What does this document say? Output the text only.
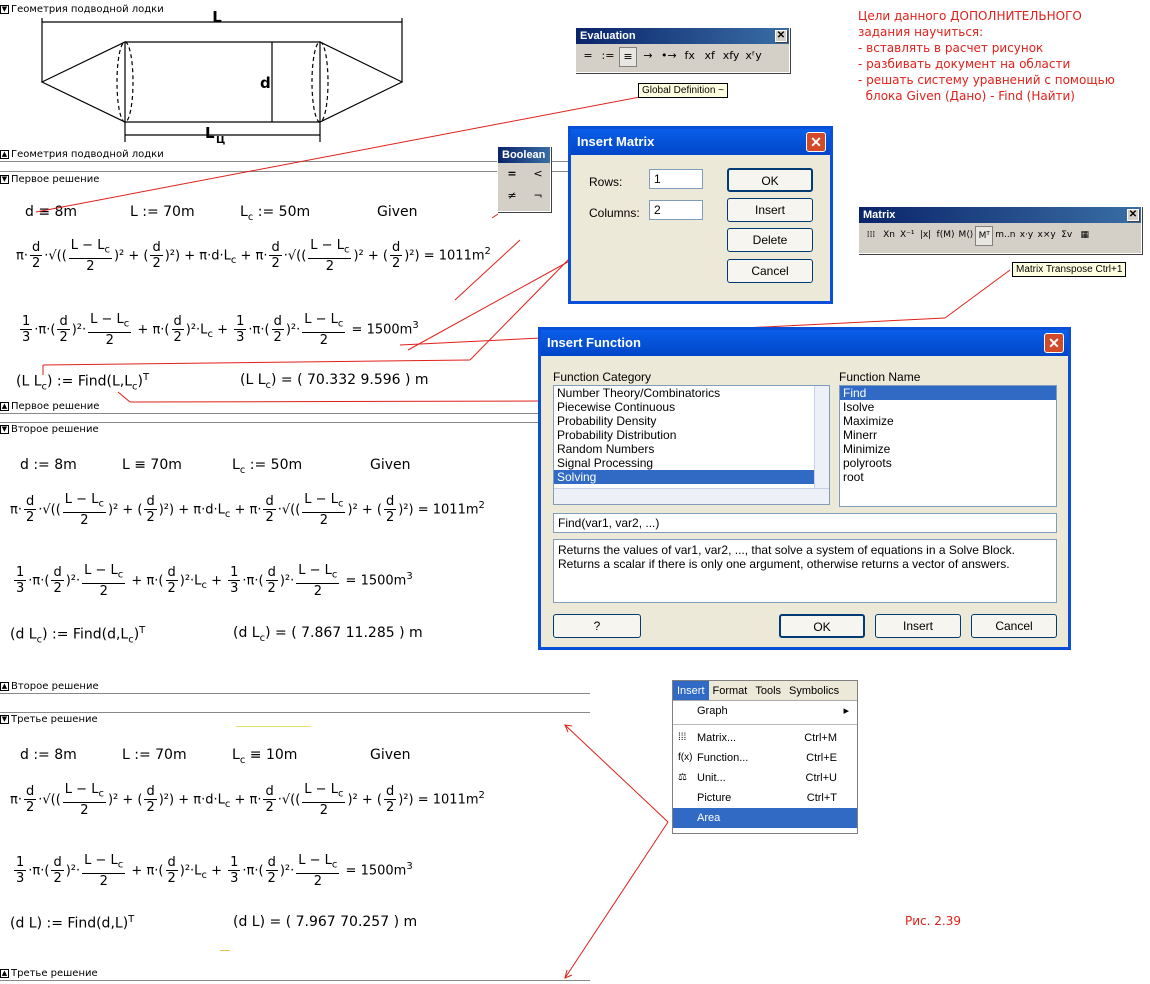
▼ Геометрия подводной лодки	L
d
L Ц
▲ Геометрия подводной лодки
▼ Первое решение
d ≡ 8m	L := 70m	$L_c$ := 50m	Given
$\pi\cdot \frac{d}{2}$ ·√(( $\frac{L - L_c}{2} )^2$ + ( $\frac{d}{2} )^2) + \pi\cdot d\cdot L_c + \pi\cdot \frac{d}{2}$ ·√(( $\frac{L - L_c}{2} )^2$ + ( $\frac{d}{2} )^2) = 1011m^2$
$\frac{1}{3} \cdot\pi\cdot( \frac{d}{2} )^2\cdot \frac{L - L_c}{2} + \pi\cdot( \frac{d}{2} )^2\cdot L_c + \frac{1}{3} \cdot\pi\cdot( \frac{d}{2} )^2\cdot \frac{L - L_c}{2} = 1500m^3$
(L $L_c$) := $Find(L,L_c)^T$	(L $L_c$) = ( 70.332 9.596 ) m
▲ Первое решение
▼ Второе решение
d := 8m	L ≡ 70m	$L_c$ := 50m	Given
$\pi\cdot \frac{d}{2}$ ·√(( $\frac{L - L_c}{2} )^2$ + ( $\frac{d}{2} )^2) + \pi\cdot d\cdot L_c + \pi\cdot \frac{d}{2}$ ·√(( $\frac{L - L_c}{2} )^2$ + ( $\frac{d}{2} )^2) = 1011m^2$
$\frac{1}{3} \cdot\pi\cdot( \frac{d}{2} )^2\cdot \frac{L - L_c}{2} + \pi\cdot( \frac{d}{2} )^2\cdot L_c + \frac{1}{3} \cdot\pi\cdot( \frac{d}{2} )^2\cdot \frac{L - L_c}{2} = 1500m^3$
(d $L_c$) := $Find(d,L_c)^T$	(d $L_c$) = ( 7.867 11.285 ) m
▲ Второе решение
▼ Третье решение
d := 8m	L := 70m	$L_c \equiv 10m$	Given
$\pi\cdot \frac{d}{2}$ ·√(( $\frac{L - L_c}{2} )^2$ + ( $\frac{d}{2} )^2) + \pi\cdot d\cdot L_c + \pi\cdot \frac{d}{2}$ ·√(( $\frac{L - L_c}{2} )^2$ + ( $\frac{d}{2} )^2) = 1011m^2$
$\frac{1}{3} \cdot\pi\cdot( \frac{d}{2} )^2\cdot \frac{L - L_c}{2} + \pi\cdot( \frac{d}{2} )^2\cdot L_c + \frac{1}{3} \cdot\pi\cdot( \frac{d}{2} )^2\cdot \frac{L - L_c}{2} = 1500m^3$
(d L) := $Find(d,L)^T$	(d L) = ( 7.967 70.257 ) m
▲ Третье решение
Цели данного ДОПОЛНИТЕЛЬНОГО
задания научиться:
- вставлять в расчет рисунок
- разбивать документ на области
- решать систему уравнений с помощью
блока Given (Дано) - Find (Найти)
Рис. 2.39
Evaluation	✕
= := ≡ → •→ fx xf xfy xᶠy
Global Definition ~
Boolean
=	<
≠	¬
Matrix	✕
⁞⁞⁞ Xn X⁻¹ |x| f(M) M⟨⟩ Mᵀ m..n x·y x×y Σv ▦
Matrix Transpose Ctrl+1
Insert Matrix	✕
Rows:	1
Columns:	2
OK
Insert
Delete
Cancel
Insert Function	✕
Function Category	Function Name
Number Theory/Combinatorics
Piecewise Continuous
Probability Density
Probability Distribution
Random Numbers
Signal Processing
Solving
Find
Isolve
Maximize
Minerr
Minimize
polyroots
root
Find(var1, var2, ...)
Returns the values of var1, var2, ..., that solve a system of equations in a Solve Block. Returns a scalar if there is only one argument, otherwise returns a vector of answers.
?	OK	Insert	Cancel
Insert Format Tools Symbolics
Graph	▸
⁞⁞⁞ Matrix...	Ctrl+M
f(x) Function...	Ctrl+E
⚖ Unit...	Ctrl+U
Picture	Ctrl+T
Area
